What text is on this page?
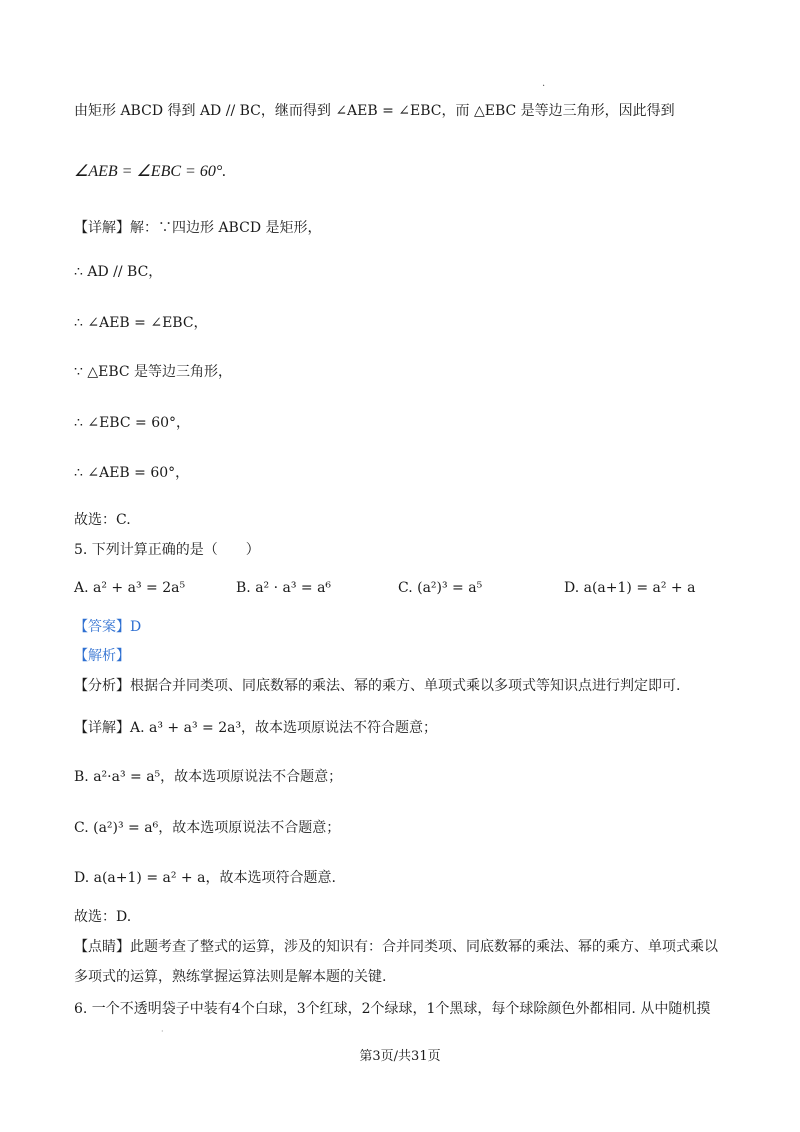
.
由矩形 ABCD 得到 AD // BC，继而得到 ∠AEB = ∠EBC，而 △EBC 是等边三角形，因此得到
∠AEB = ∠EBC = 60°.
【详解】解：∵四边形 ABCD 是矩形，
∴ AD // BC，
∴ ∠AEB = ∠EBC，
∵ △EBC 是等边三角形，
∴ ∠EBC = 60°，
∴ ∠AEB = 60°，
故选：C.
5. 下列计算正确的是（　　）
A. a² + a³ = 2a⁵	B. a² · a³ = a⁶	C. (a²)³ = a⁵	D. a(a+1) = a² + a
【答案】D
【解析】
【分析】根据合并同类项、同底数幂的乘法、幂的乘方、单项式乘以多项式等知识点进行判定即可.
【详解】A. a³ + a³ = 2a³，故本选项原说法不符合题意；
B. a²·a³ = a⁵，故本选项原说法不合题意；
C. (a²)³ = a⁶，故本选项原说法不合题意；
D. a(a+1) = a² + a，故本选项符合题意.
故选：D.
【点睛】此题考查了整式的运算，涉及的知识有：合并同类项、同底数幂的乘法、幂的乘方、单项式乘以
多项式的运算，熟练掌握运算法则是解本题的关键.
6. 一个不透明袋子中装有4个白球，3个红球，2个绿球，1个黑球，每个球除颜色外都相同. 从中随机摸
·
第3页/共31页
